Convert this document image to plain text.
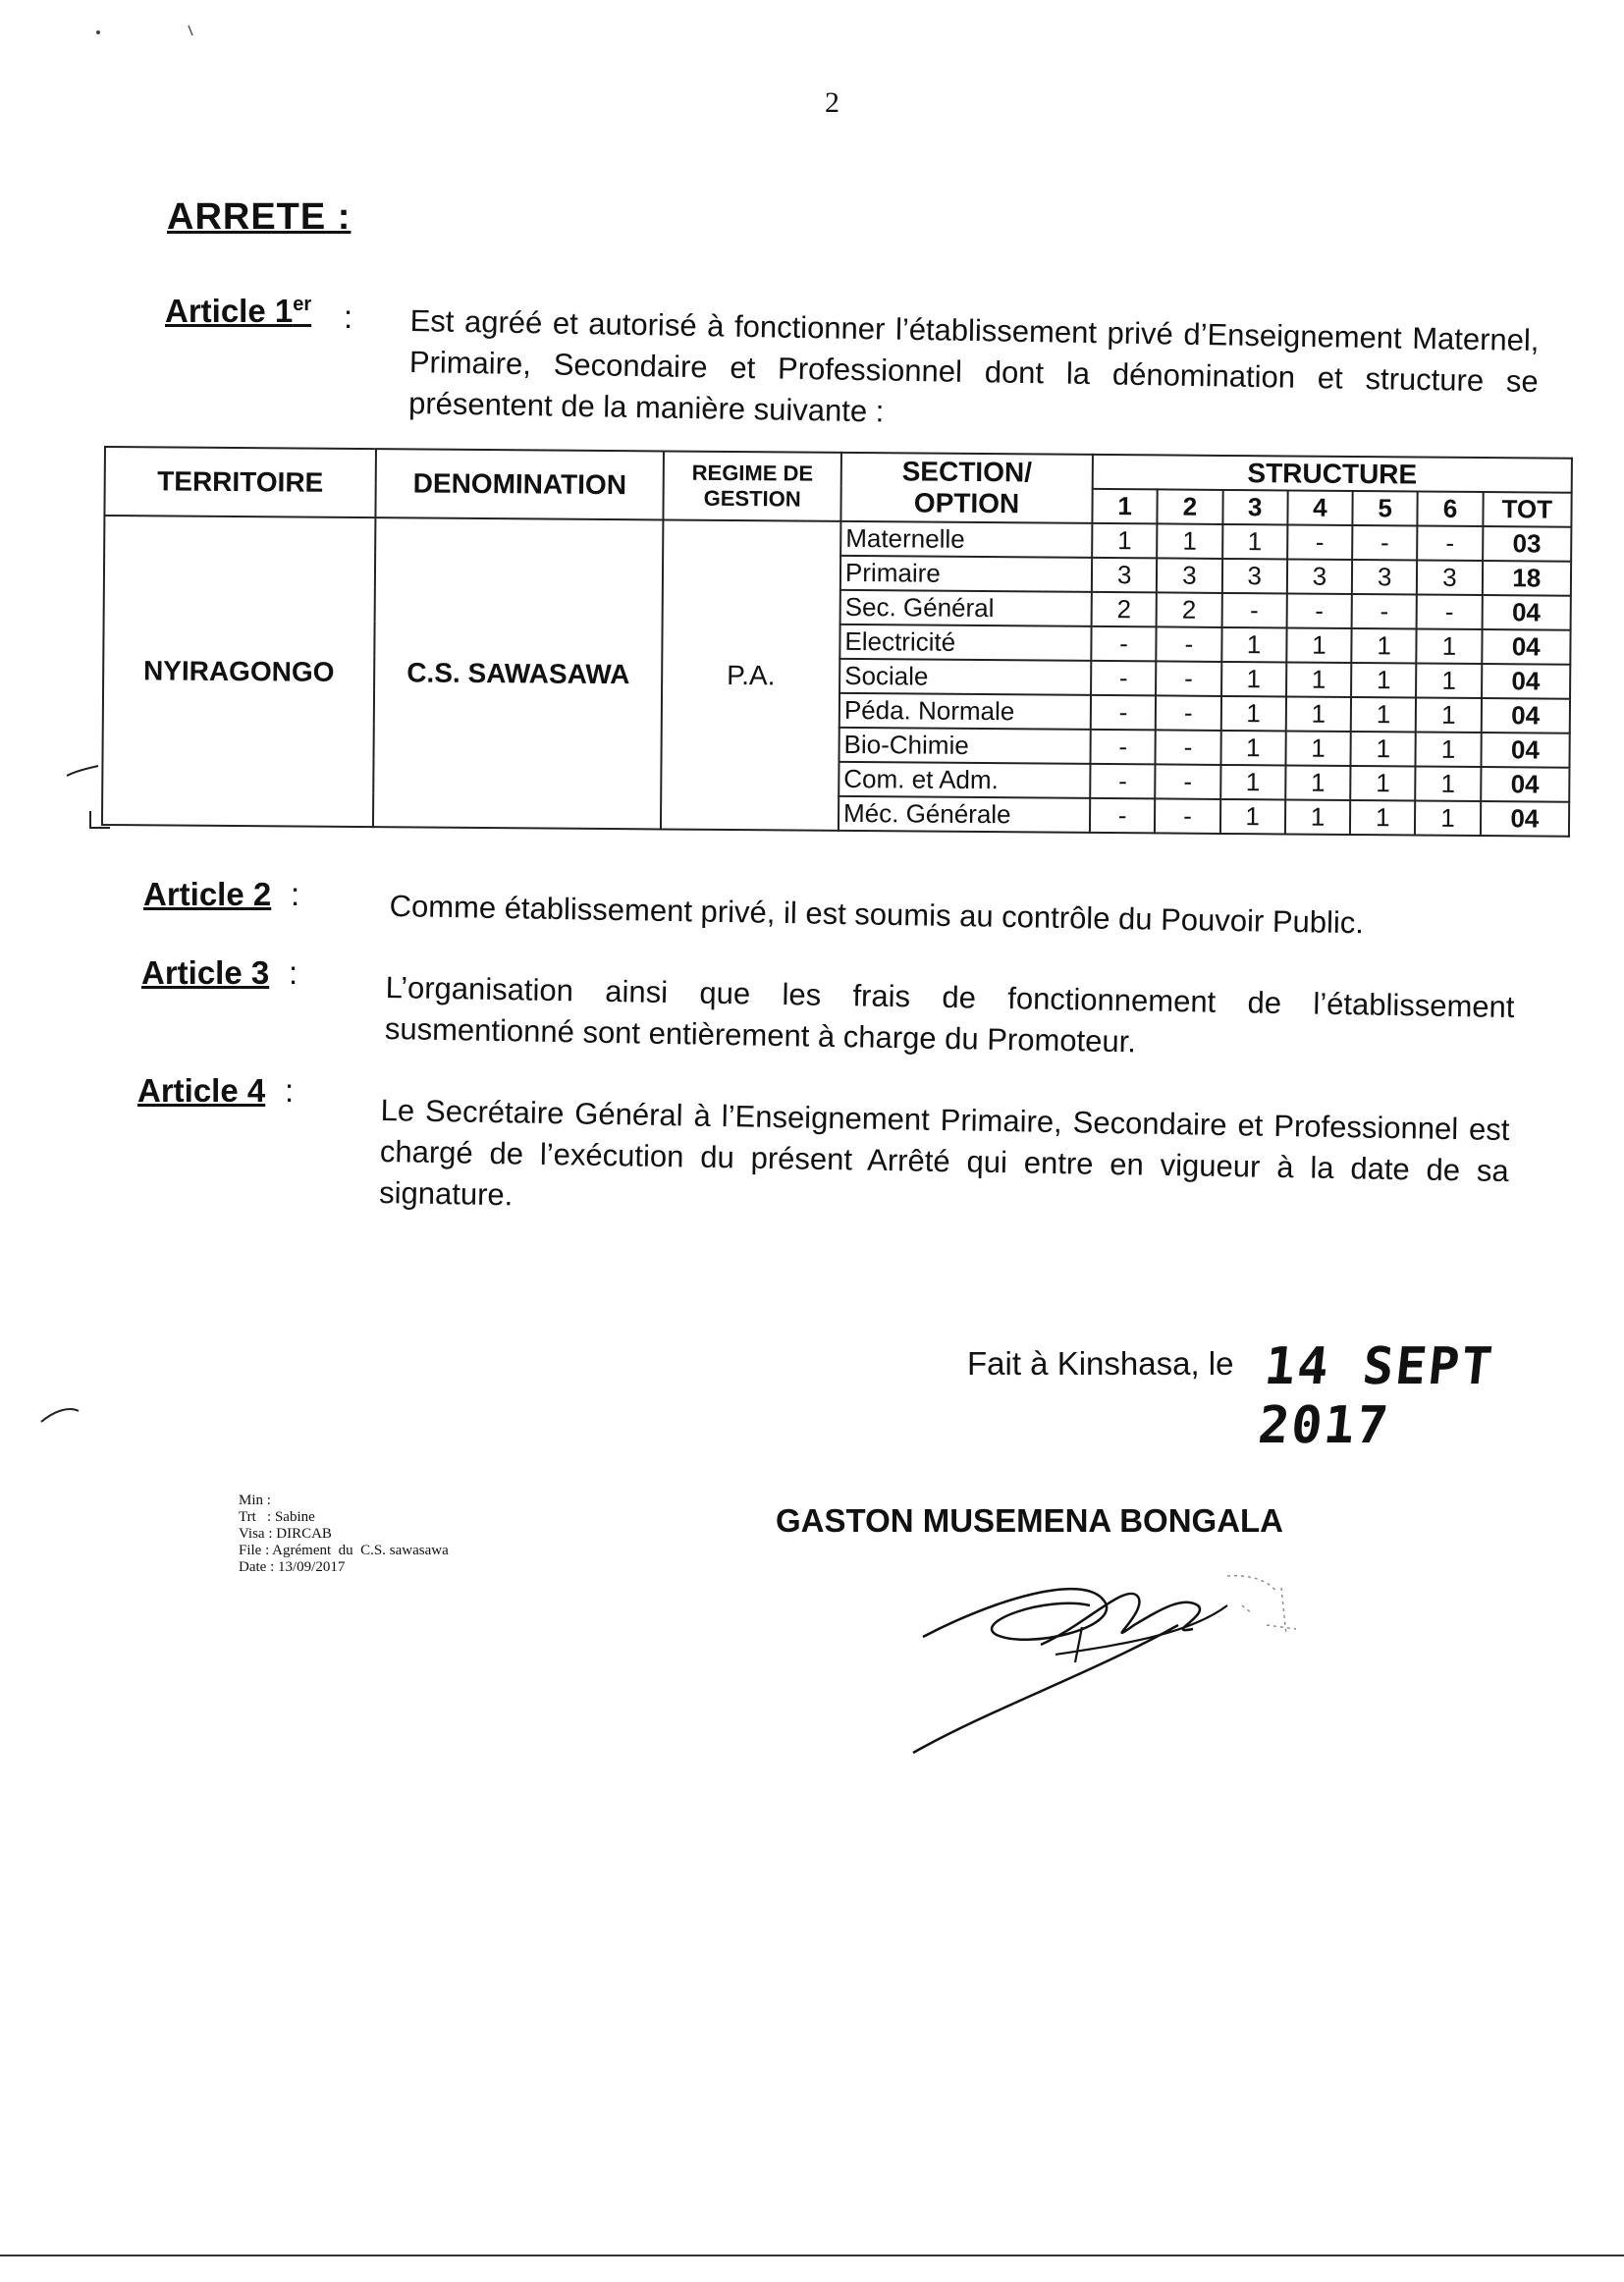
2
ARRETE :
Article 1er : Est agréé et autorisé à fonctionner l’établissement privé d’Enseignement Maternel, Primaire, Secondaire et Professionnel dont la dénomination et structure se présentent de la manière suivante :
TERRITOIRE	DENOMINATION	REGIME DE GESTION	SECTION/ OPTION	STRUCTURE						
				1	2	3	4	5	6	TOT
NYIRAGONGO	C.S. SAWASAWA	P.A.	Maternelle	1	1	1	-	-	-	03
			Primaire	3	3	3	3	3	3	18
			Sec. Général	2	2	-	-	-	-	04
			Electricité	-	-	1	1	1	1	04
			Sociale	-	-	1	1	1	1	04
			Péda. Normale	-	-	1	1	1	1	04
			Bio-Chimie	-	-	1	1	1	1	04
			Com. et Adm.	-	-	1	1	1	1	04
			Méc. Générale	-	-	1	1	1	1	04
Article 2 :	Comme établissement privé, il est soumis au contrôle du Pouvoir Public.
Article 3 :	L’organisation ainsi que les frais de fonctionnement de l’établissement susmentionné sont entièrement à charge du Promoteur.
Article 4 :
Le Secrétaire Général à l’Enseignement Primaire, Secondaire et Professionnel est chargé de l’exécution du présent Arrêté qui entre en vigueur à la date de sa signature.
Fait à Kinshasa, le 14 SEPT 2017
Min :
Trt   : Sabine
Visa : DIRCAB
File : Agrément  du  C.S. sawasawa
Date : 13/09/2017
GASTON MUSEMENA BONGALA
